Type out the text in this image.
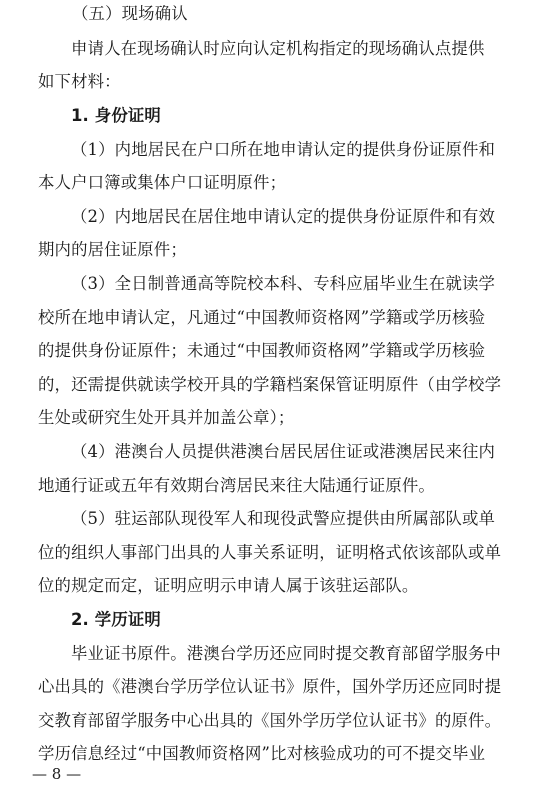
（五）现场确认
申请人在现场确认时应向认定机构指定的现场确认点提供
如下材料：
1. 身份证明
（1）内地居民在户口所在地申请认定的提供身份证原件和
本人户口簿或集体户口证明原件；
（2）内地居民在居住地申请认定的提供身份证原件和有效
期内的居住证原件；
（3）全日制普通高等院校本科、专科应届毕业生在就读学
校所在地申请认定，凡通过“中国教师资格网”学籍或学历核验
的提供身份证原件；未通过“中国教师资格网”学籍或学历核验
的，还需提供就读学校开具的学籍档案保管证明原件（由学校学
生处或研究生处开具并加盖公章）；
（4）港澳台人员提供港澳台居民居住证或港澳居民来往内
地通行证或五年有效期台湾居民来往大陆通行证原件。
（5）驻运部队现役军人和现役武警应提供由所属部队或单
位的组织人事部门出具的人事关系证明，证明格式依该部队或单
位的规定而定，证明应明示申请人属于该驻运部队。
2. 学历证明
毕业证书原件。港澳台学历还应同时提交教育部留学服务中
心出具的《港澳台学历学位认证书》原件，国外学历还应同时提
交教育部留学服务中心出具的《国外学历学位认证书》的原件。
学历信息经过“中国教师资格网”比对核验成功的可不提交毕业
— 8 —
